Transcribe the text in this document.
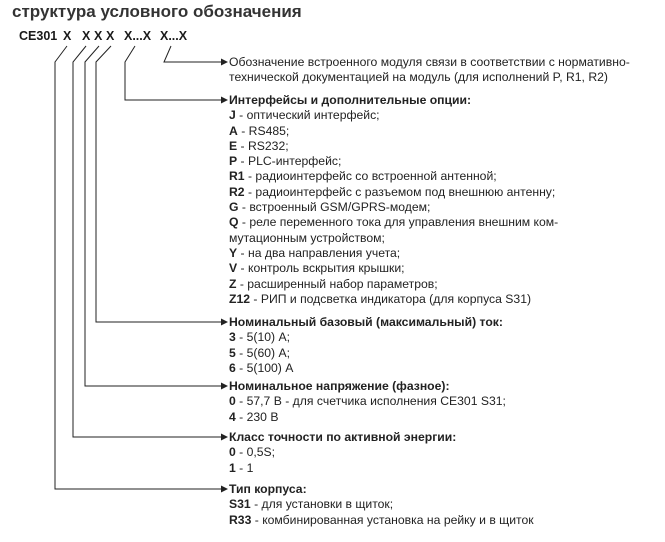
структура условного обозначения
CE301 X X X X X...X X...X
Обозначение встроенного модуля связи в соответствии с нормативно-
технической документацией на модуль (для исполнений P, R1, R2)
Интерфейсы и дополнительные опции:
J - оптический интерфейс;
A - RS485;
E - RS232;
P - PLC-интерфейс;
R1 - радиоинтерфейс со встроенной антенной;
R2 - радиоинтерфейс с разъемом под внешнюю антенну;
G - встроенный GSM/GPRS-модем;
Q - реле переменного тока для управления внешним ком-
мутационным устройством;
Y - на два направления учета;
V - контроль вскрытия крышки;
Z - расширенный набор параметров;
Z12 - РИП и подсветка индикатора (для корпуса S31)
Номинальный базовый (максимальный) ток:
3 - 5(10) А;
5 - 5(60) А;
6 - 5(100) А
Номинальное напряжение (фазное):
0 - 57,7 В - для счетчика исполнения CE301 S31;
4 - 230 В
Класс точности по активной энергии:
0 - 0,5S;
1 - 1
Тип корпуса:
S31 - для установки в щиток;
R33 - комбинированная установка на рейку и в щиток
